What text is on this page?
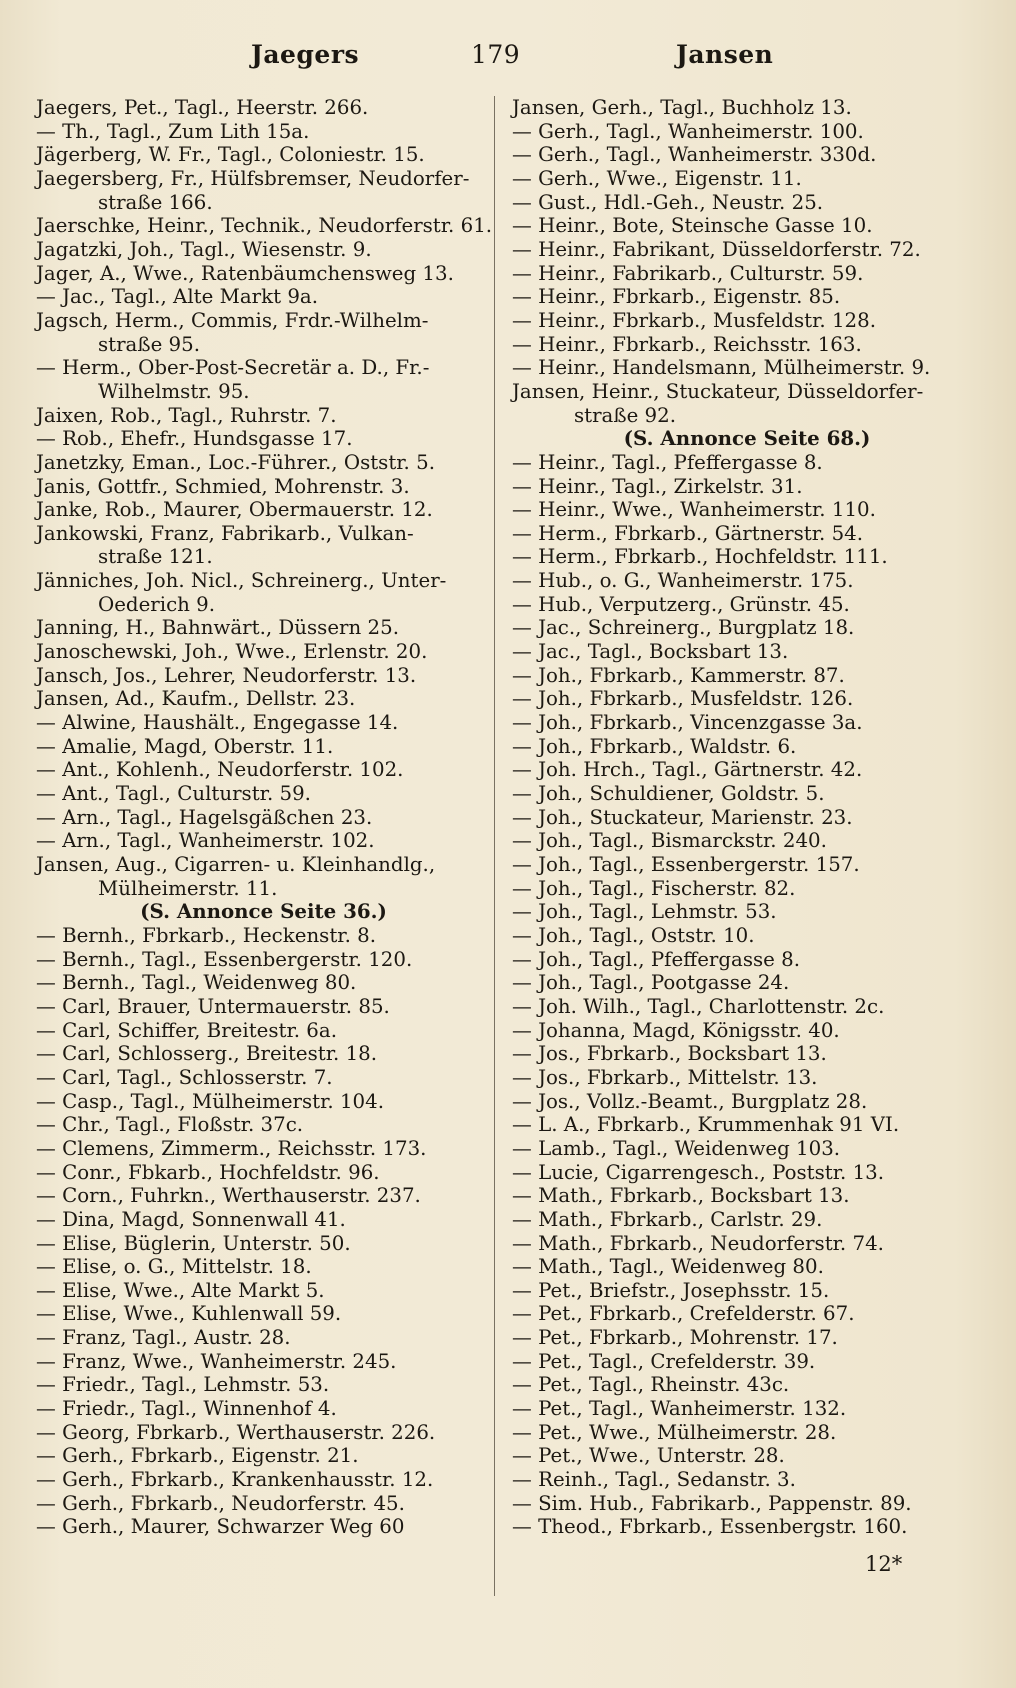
Jaegers	179	Jansen
Jaegers, Pet., Tagl., Heerstr. 266.
— Th., Tagl., Zum Lith 15a.
Jägerberg, W. Fr., Tagl., Coloniestr. 15.
Jaegersberg, Fr., Hülfsbremser, Neudorfer-
straße 166.
Jaerschke, Heinr., Technik., Neudorferstr. 61.
Jagatzki, Joh., Tagl., Wiesenstr. 9.
Jager, A., Wwe., Ratenbäumchensweg 13.
— Jac., Tagl., Alte Markt 9a.
Jagsch, Herm., Commis, Frdr.-Wilhelm-
straße 95.
— Herm., Ober-Post-Secretär a. D., Fr.-
Wilhelmstr. 95.
Jaixen, Rob., Tagl., Ruhrstr. 7.
— Rob., Ehefr., Hundsgasse 17.
Janetzky, Eman., Loc.-Führer., Oststr. 5.
Janis, Gottfr., Schmied, Mohrenstr. 3.
Janke, Rob., Maurer, Obermauerstr. 12.
Jankowski, Franz, Fabrikarb., Vulkan-
straße 121.
Jänniches, Joh. Nicl., Schreinerg., Unter-
Oederich 9.
Janning, H., Bahnwärt., Düssern 25.
Janoschewski, Joh., Wwe., Erlenstr. 20.
Jansch, Jos., Lehrer, Neudorferstr. 13.
Jansen, Ad., Kaufm., Dellstr. 23.
— Alwine, Haushält., Engegasse 14.
— Amalie, Magd, Oberstr. 11.
— Ant., Kohlenh., Neudorferstr. 102.
— Ant., Tagl., Culturstr. 59.
— Arn., Tagl., Hagelsgäßchen 23.
— Arn., Tagl., Wanheimerstr. 102.
Jansen, Aug., Cigarren- u. Kleinhandlg.,
Mülheimerstr. 11.
(S. Annonce Seite 36.)
— Bernh., Fbrkarb., Heckenstr. 8.
— Bernh., Tagl., Essenbergerstr. 120.
— Bernh., Tagl., Weidenweg 80.
— Carl, Brauer, Untermauerstr. 85.
— Carl, Schiffer, Breitestr. 6a.
— Carl, Schlosserg., Breitestr. 18.
— Carl, Tagl., Schlosserstr. 7.
— Casp., Tagl., Mülheimerstr. 104.
— Chr., Tagl., Floßstr. 37c.
— Clemens, Zimmerm., Reichsstr. 173.
— Conr., Fbkarb., Hochfeldstr. 96.
— Corn., Fuhrkn., Werthauserstr. 237.
— Dina, Magd, Sonnenwall 41.
— Elise, Büglerin, Unterstr. 50.
— Elise, o. G., Mittelstr. 18.
— Elise, Wwe., Alte Markt 5.
— Elise, Wwe., Kuhlenwall 59.
— Franz, Tagl., Austr. 28.
— Franz, Wwe., Wanheimerstr. 245.
— Friedr., Tagl., Lehmstr. 53.
— Friedr., Tagl., Winnenhof 4.
— Georg, Fbrkarb., Werthauserstr. 226.
— Gerh., Fbrkarb., Eigenstr. 21.
— Gerh., Fbrkarb., Krankenhausstr. 12.
— Gerh., Fbrkarb., Neudorferstr. 45.
— Gerh., Maurer, Schwarzer Weg 60
Jansen, Gerh., Tagl., Buchholz 13.
— Gerh., Tagl., Wanheimerstr. 100.
— Gerh., Tagl., Wanheimerstr. 330d.
— Gerh., Wwe., Eigenstr. 11.
— Gust., Hdl.-Geh., Neustr. 25.
— Heinr., Bote, Steinsche Gasse 10.
— Heinr., Fabrikant, Düsseldorferstr. 72.
— Heinr., Fabrikarb., Culturstr. 59.
— Heinr., Fbrkarb., Eigenstr. 85.
— Heinr., Fbrkarb., Musfeldstr. 128.
— Heinr., Fbrkarb., Reichsstr. 163.
— Heinr., Handelsmann, Mülheimerstr. 9.
Jansen, Heinr., Stuckateur, Düsseldorfer-
straße 92.
(S. Annonce Seite 68.)
— Heinr., Tagl., Pfeffergasse 8.
— Heinr., Tagl., Zirkelstr. 31.
— Heinr., Wwe., Wanheimerstr. 110.
— Herm., Fbrkarb., Gärtnerstr. 54.
— Herm., Fbrkarb., Hochfeldstr. 111.
— Hub., o. G., Wanheimerstr. 175.
— Hub., Verputzerg., Grünstr. 45.
— Jac., Schreinerg., Burgplatz 18.
— Jac., Tagl., Bocksbart 13.
— Joh., Fbrkarb., Kammerstr. 87.
— Joh., Fbrkarb., Musfeldstr. 126.
— Joh., Fbrkarb., Vincenzgasse 3a.
— Joh., Fbrkarb., Waldstr. 6.
— Joh. Hrch., Tagl., Gärtnerstr. 42.
— Joh., Schuldiener, Goldstr. 5.
— Joh., Stuckateur, Marienstr. 23.
— Joh., Tagl., Bismarckstr. 240.
— Joh., Tagl., Essenbergerstr. 157.
— Joh., Tagl., Fischerstr. 82.
— Joh., Tagl., Lehmstr. 53.
— Joh., Tagl., Oststr. 10.
— Joh., Tagl., Pfeffergasse 8.
— Joh., Tagl., Pootgasse 24.
— Joh. Wilh., Tagl., Charlottenstr. 2c.
— Johanna, Magd, Königsstr. 40.
— Jos., Fbrkarb., Bocksbart 13.
— Jos., Fbrkarb., Mittelstr. 13.
— Jos., Vollz.-Beamt., Burgplatz 28.
— L. A., Fbrkarb., Krummenhak 91 VI.
— Lamb., Tagl., Weidenweg 103.
— Lucie, Cigarrengesch., Poststr. 13.
— Math., Fbrkarb., Bocksbart 13.
— Math., Fbrkarb., Carlstr. 29.
— Math., Fbrkarb., Neudorferstr. 74.
— Math., Tagl., Weidenweg 80.
— Pet., Briefstr., Josephsstr. 15.
— Pet., Fbrkarb., Crefelderstr. 67.
— Pet., Fbrkarb., Mohrenstr. 17.
— Pet., Tagl., Crefelderstr. 39.
— Pet., Tagl., Rheinstr. 43c.
— Pet., Tagl., Wanheimerstr. 132.
— Pet., Wwe., Mülheimerstr. 28.
— Pet., Wwe., Unterstr. 28.
— Reinh., Tagl., Sedanstr. 3.
— Sim. Hub., Fabrikarb., Pappenstr. 89.
— Theod., Fbrkarb., Essenbergstr. 160.
12*
